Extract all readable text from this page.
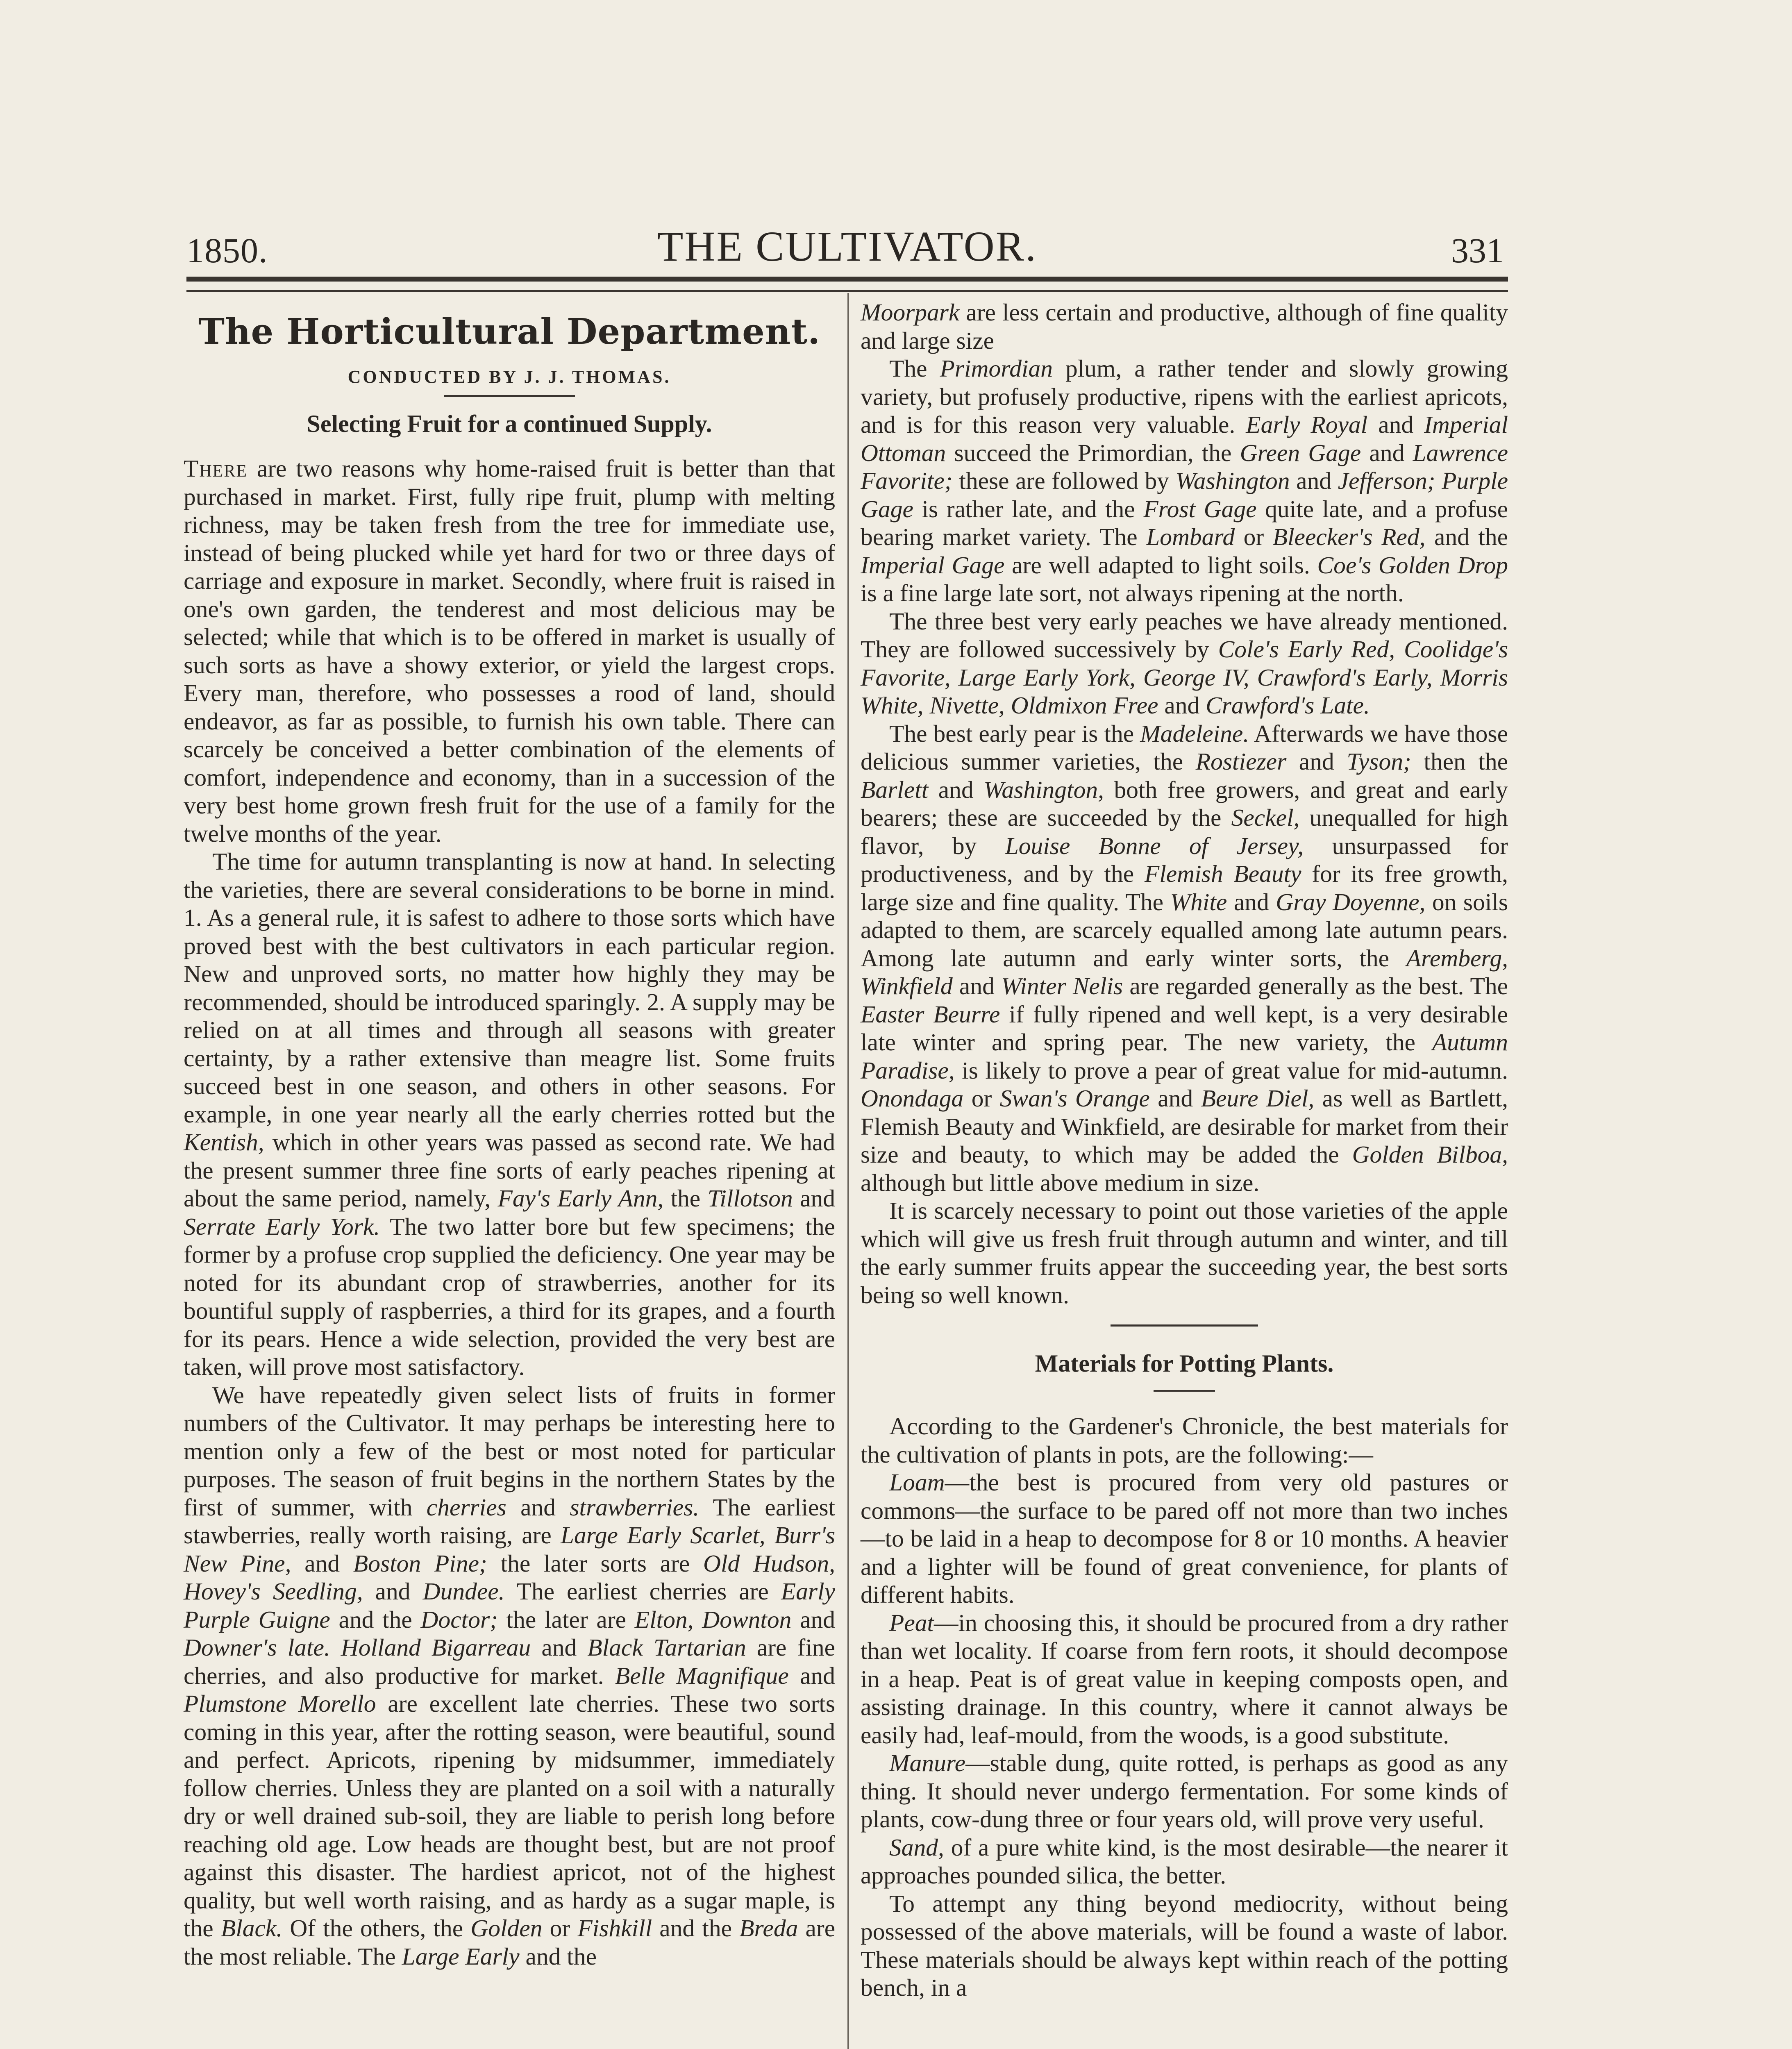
1850.	THE CULTIVATOR.	331
The Horticultural Department.
CONDUCTED BY J. J. THOMAS.
Selecting Fruit for a continued Supply.

There are two reasons why home-raised fruit is better than that purchased in market. First, fully ripe fruit, plump with melting richness, may be taken fresh from the tree for immediate use, instead of being plucked while yet hard for two or three days of carriage and exposure in market. Secondly, where fruit is raised in one's own garden, the tenderest and most delicious may be selected; while that which is to be offered in market is usually of such sorts as have a showy exterior, or yield the largest crops. Every man, therefore, who possesses a rood of land, should endeavor, as far as possible, to furnish his own table. There can scarcely be conceived a better combination of the elements of comfort, independence and economy, than in a succession of the very best home grown fresh fruit for the use of a family for the twelve months of the year.

The time for autumn transplanting is now at hand. In selecting the varieties, there are several considerations to be borne in mind. 1. As a general rule, it is safest to adhere to those sorts which have proved best with the best cultivators in each particular region. New and unproved sorts, no matter how highly they may be recommended, should be introduced sparingly. 2. A supply may be relied on at all times and through all seasons with greater certainty, by a rather extensive than meagre list. Some fruits succeed best in one season, and others in other seasons. For example, in one year nearly all the early cherries rotted but the Kentish, which in other years was passed as second rate. We had the present summer three fine sorts of early peaches ripening at about the same period, namely, Fay's Early Ann, the Tillotson and Serrate Early York. The two latter bore but few specimens; the former by a profuse crop supplied the deficiency. One year may be noted for its abundant crop of strawberries, another for its bountiful supply of raspberries, a third for its grapes, and a fourth for its pears. Hence a wide selection, provided the very best are taken, will prove most satisfactory.

We have repeatedly given select lists of fruits in former numbers of the Cultivator. It may perhaps be interesting here to mention only a few of the best or most noted for particular purposes. The season of fruit begins in the northern States by the first of summer, with cherries and strawberries. The earliest stawberries, really worth raising, are Large Early Scarlet, Burr's New Pine, and Boston Pine; the later sorts are Old Hudson, Hovey's Seedling, and Dundee. The earliest cherries are Early Purple Guigne and the Doctor; the later are Elton, Downton and Downer's late. Holland Bigarreau and Black Tartarian are fine cherries, and also productive for market. Belle Magnifique and Plumstone Morello are excellent late cherries. These two sorts coming in this year, after the rotting season, were beautiful, sound and perfect. Apricots, ripening by midsummer, immediately follow cherries. Unless they are planted on a soil with a naturally dry or well drained sub-soil, they are liable to perish long before reaching old age. Low heads are thought best, but are not proof against this disaster. The hardiest apricot, not of the highest quality, but well worth raising, and as hardy as a sugar maple, is the Black. Of the others, the Golden or Fishkill and the Breda are the most reliable. The Large Early and the

Moorpark are less certain and productive, although of fine quality and large size

The Primordian plum, a rather tender and slowly growing variety, but profusely productive, ripens with the earliest apricots, and is for this reason very valuable. Early Royal and Imperial Ottoman succeed the Primordian, the Green Gage and Lawrence Favorite; these are followed by Washington and Jefferson; Purple Gage is rather late, and the Frost Gage quite late, and a profuse bearing market variety. The Lombard or Bleecker's Red, and the Imperial Gage are well adapted to light soils. Coe's Golden Drop is a fine large late sort, not always ripening at the north.

The three best very early peaches we have already mentioned. They are followed successively by Cole's Early Red, Coolidge's Favorite, Large Early York, George IV, Crawford's Early, Morris White, Nivette, Oldmixon Free and Crawford's Late.

The best early pear is the Madeleine. Afterwards we have those delicious summer varieties, the Rostiezer and Tyson; then the Barlett and Washington, both free growers, and great and early bearers; these are succeeded by the Seckel, unequalled for high flavor, by Louise Bonne of Jersey, unsurpassed for productiveness, and by the Flemish Beauty for its free growth, large size and fine quality. The White and Gray Doyenne, on soils adapted to them, are scarcely equalled among late autumn pears. Among late autumn and early winter sorts, the Aremberg, Winkfield and Winter Nelis are regarded generally as the best. The Easter Beurre if fully ripened and well kept, is a very desirable late winter and spring pear. The new variety, the Autumn Paradise, is likely to prove a pear of great value for mid-autumn. Onondaga or Swan's Orange and Beure Diel, as well as Bartlett, Flemish Beauty and Winkfield, are desirable for market from their size and beauty, to which may be added the Golden Bilboa, although but little above medium in size.

It is scarcely necessary to point out those varieties of the apple which will give us fresh fruit through autumn and winter, and till the early summer fruits appear the succeeding year, the best sorts being so well known.

Materials for Potting Plants.

According to the Gardener's Chronicle, the best materials for the cultivation of plants in pots, are the following:—

Loam—the best is procured from very old pastures or commons—the surface to be pared off not more than two inches—to be laid in a heap to decompose for 8 or 10 months. A heavier and a lighter will be found of great convenience, for plants of different habits.

Peat—in choosing this, it should be procured from a dry rather than wet locality. If coarse from fern roots, it should decompose in a heap. Peat is of great value in keeping composts open, and assisting drainage. In this country, where it cannot always be easily had, leaf-mould, from the woods, is a good substitute.

Manure—stable dung, quite rotted, is perhaps as good as any thing. It should never undergo fermentation. For some kinds of plants, cow-dung three or four years old, will prove very useful.

Sand, of a pure white kind, is the most desirable—the nearer it approaches pounded silica, the better.

To attempt any thing beyond mediocrity, without being possessed of the above materials, will be found a waste of labor. These materials should be always kept within reach of the potting bench, in a
